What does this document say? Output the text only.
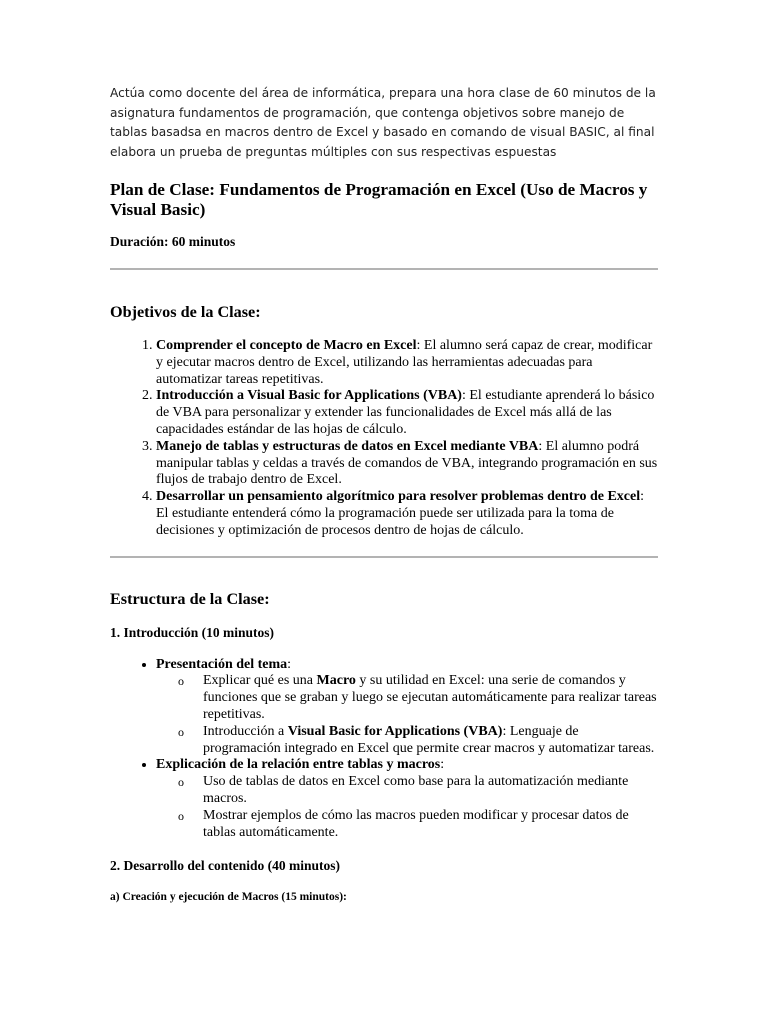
Actúa como docente del área de informática, prepara una hora clase de 60 minutos de la asignatura fundamentos de programación, que contenga objetivos sobre manejo de tablas basadsa en macros dentro de Excel y basado en comando de visual BASIC, al final elabora un prueba de preguntas múltiples con sus respectivas espuestas

Plan de Clase: Fundamentos de Programación en Excel (Uso de Macros y Visual Basic)

Duración: 60 minutos

Objetivos de la Clase:
1. Comprender el concepto de Macro en Excel: El alumno será capaz de crear, modificar y ejecutar macros dentro de Excel, utilizando las herramientas adecuadas para automatizar tareas repetitivas.
2. Introducción a Visual Basic for Applications (VBA): El estudiante aprenderá lo básico de VBA para personalizar y extender las funcionalidades de Excel más allá de las capacidades estándar de las hojas de cálculo.
3. Manejo de tablas y estructuras de datos en Excel mediante VBA: El alumno podrá manipular tablas y celdas a través de comandos de VBA, integrando programación en sus flujos de trabajo dentro de Excel.
4. Desarrollar un pensamiento algorítmico para resolver problemas dentro de Excel: El estudiante entenderá cómo la programación puede ser utilizada para la toma de decisiones y optimización de procesos dentro de hojas de cálculo.
Estructura de la Clase:
1. Introducción (10 minutos)
• Presentación del tema:
o Explicar qué es una Macro y su utilidad en Excel: una serie de comandos y funciones que se graban y luego se ejecutan automáticamente para realizar tareas repetitivas.
o Introducción a Visual Basic for Applications (VBA): Lenguaje de programación integrado en Excel que permite crear macros y automatizar tareas.
• Explicación de la relación entre tablas y macros:
o Uso de tablas de datos en Excel como base para la automatización mediante macros.
o Mostrar ejemplos de cómo las macros pueden modificar y procesar datos de tablas automáticamente.
2. Desarrollo del contenido (40 minutos)
a) Creación y ejecución de Macros (15 minutos):
